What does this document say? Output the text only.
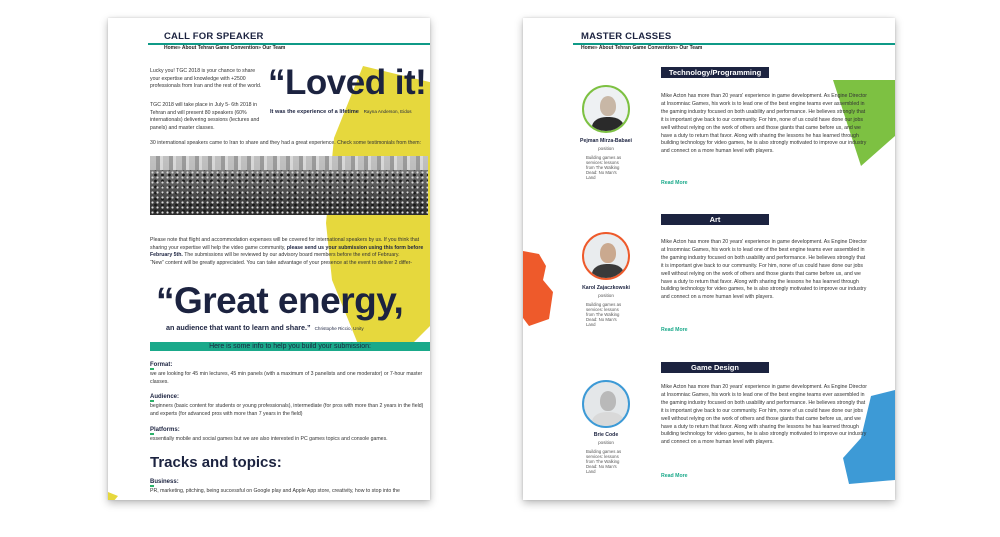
CALL FOR SPEAKER
Home» About Tehran Game Convention» Our Team
Lucky you! TGC 2018 is your chance to share your expertise and knowledge with +2500 professionals from Iran and the rest of the world.
TGC 2018 will take place in July 5- 6th 2018 in Tehran and will present 80 speakers (60% internationals) delivering sessions (lectures and panels) and master classes.
“Loved it!
It was the experience of a lifetime Rayna Anderson, Eidos
30 international speakers came to Iran to share and they had a great experience. Check some testimonials from them:
Please note that flight and accommodation expenses will be covered for international speakers by us. If you think that sharing your expertise will help the video game community, please send us your submission using this form before February 5th. The submissions will be reviewed by our advisory board members before the end of February.
“New” content will be greatly appreciated. You can take advantage of your presence at the event to deliver 2 differ-
“Great energy,
an audience that want to learn and share.” Christophe Riccio, Unity
Here is some info to help you build your submission:
Format:
we are looking for 45 min lectures, 45 min panels (with a maximum of 3 panelists and one moderator) or 7-hour master classes.
Audience:
beginners (basic content for students or young professionals), intermediate (for pros with more than 2 years in the field) and experts (for advanced pros with more than 7 years in the field)
Platforms:
essentially mobile and social games but we are also interested in PC games topics and console games.
Tracks and topics:
Business:
PR, marketing, pitching, being successful on Google play and Apple App store, creativity, how to stop into the
MASTER CLASSES
Home» About Tehran Game Convention» Our Team
Technology/Programming
Pejman Mirza-Babaei
position
Building games as services: lessons from The Walking Dead: No Man's Land
Mike Acton has more than 20 years' experience in game development. As Engine Director at Insomniac Games, his work is to lead one of the best engine teams ever assembled in the gaming industry focused on both usability and performance. He believes strongly that it is important give back to our community. For him, none of us could have done our jobs well without relying on the work of others and those giants that came before us, and we have a duty to return that favor. Along with sharing the lessons he has learned through building technology for video games, he is also strongly motivated to improve our industry and connect on a more human level with players.
Read More
Art
Karol Zajaczkowski
position
Building games as services: lessons from The Walking Dead: No Man's Land
Mike Acton has more than 20 years' experience in game development. As Engine Director at Insomniac Games, his work is to lead one of the best engine teams ever assembled in the gaming industry focused on both usability and performance. He believes strongly that it is important give back to our community. For him, none of us could have done our jobs well without relying on the work of others and those giants that came before us, and we have a duty to return that favor. Along with sharing the lessons he has learned through building technology for video games, he is also strongly motivated to improve our industry and connect on a more human level with players.
Read More
Game Design
Brie Code
position
Building games as services: lessons from The Walking Dead: No Man's Land
Mike Acton has more than 20 years' experience in game development. As Engine Director at Insomniac Games, his work is to lead one of the best engine teams ever assembled in the gaming industry focused on both usability and performance. He believes strongly that it is important give back to our community. For him, none of us could have done our jobs well without relying on the work of others and those giants that came before us, and we have a duty to return that favor. Along with sharing the lessons he has learned through building technology for video games, he is also strongly motivated to improve our industry and connect on a more human level with players.
Read More
